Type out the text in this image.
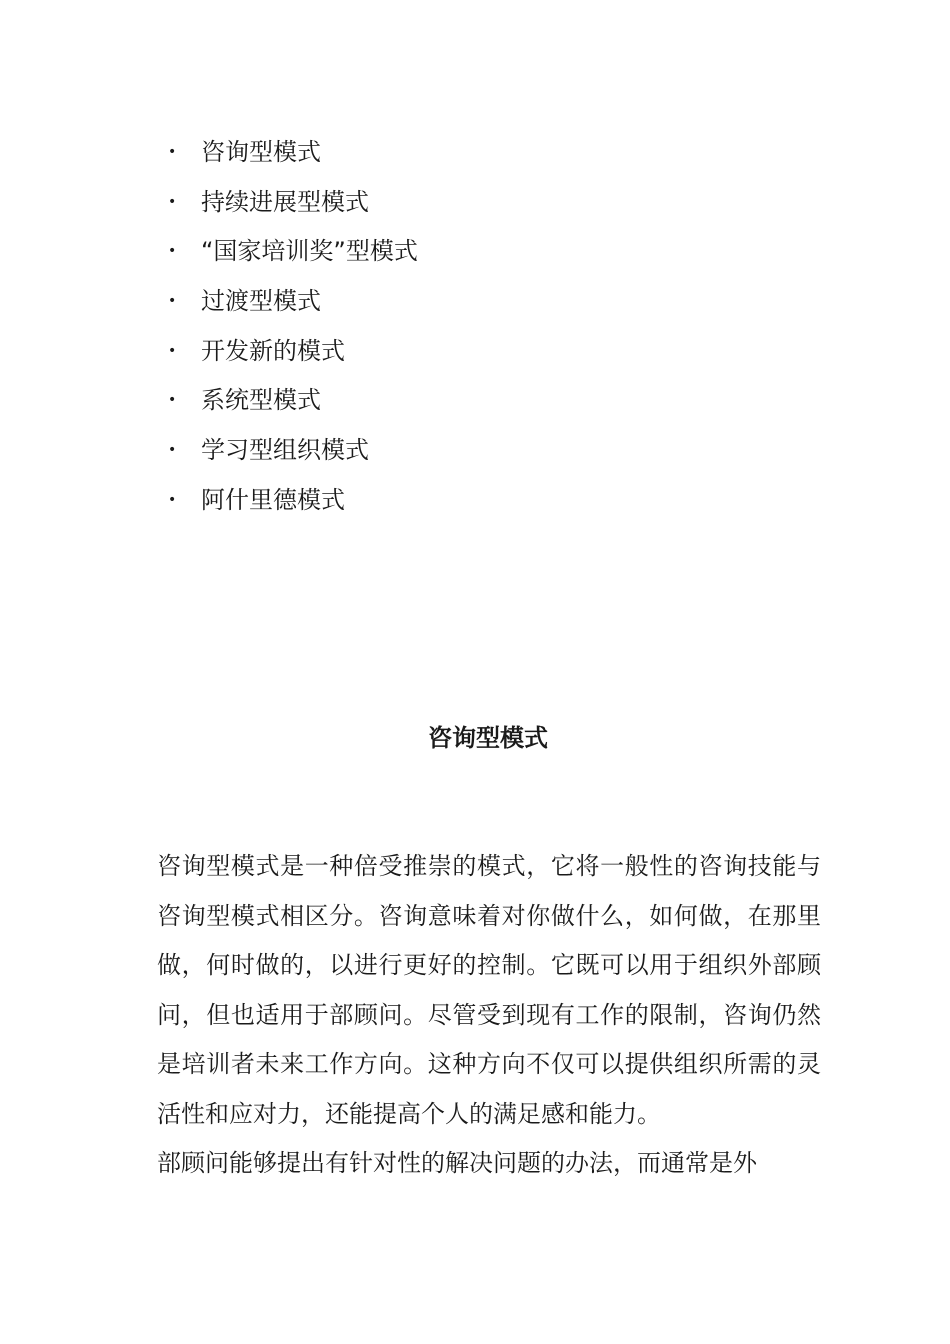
•	咨询型模式
•	持续进展型模式
•	“国家培训奖”型模式
•	过渡型模式
•	开发新的模式
•	系统型模式
•	学习型组织模式
•	阿什里德模式
咨询型模式

咨询型模式是一种倍受推崇的模式，它将一般性的咨询技能与咨询型模式相区分。咨询意味着对你做什么，如何做，在那里做，何时做的，以进行更好的控制。它既可以用于组织外部顾问，但也适用于部顾问。尽管受到现有工作的限制，咨询仍然是培训者未来工作方向。这种方向不仅可以提供组织所需的灵活性和应对力，还能提高个人的满足感和能力。

部顾问能够提出有针对性的解决问题的办法，而通常是外
